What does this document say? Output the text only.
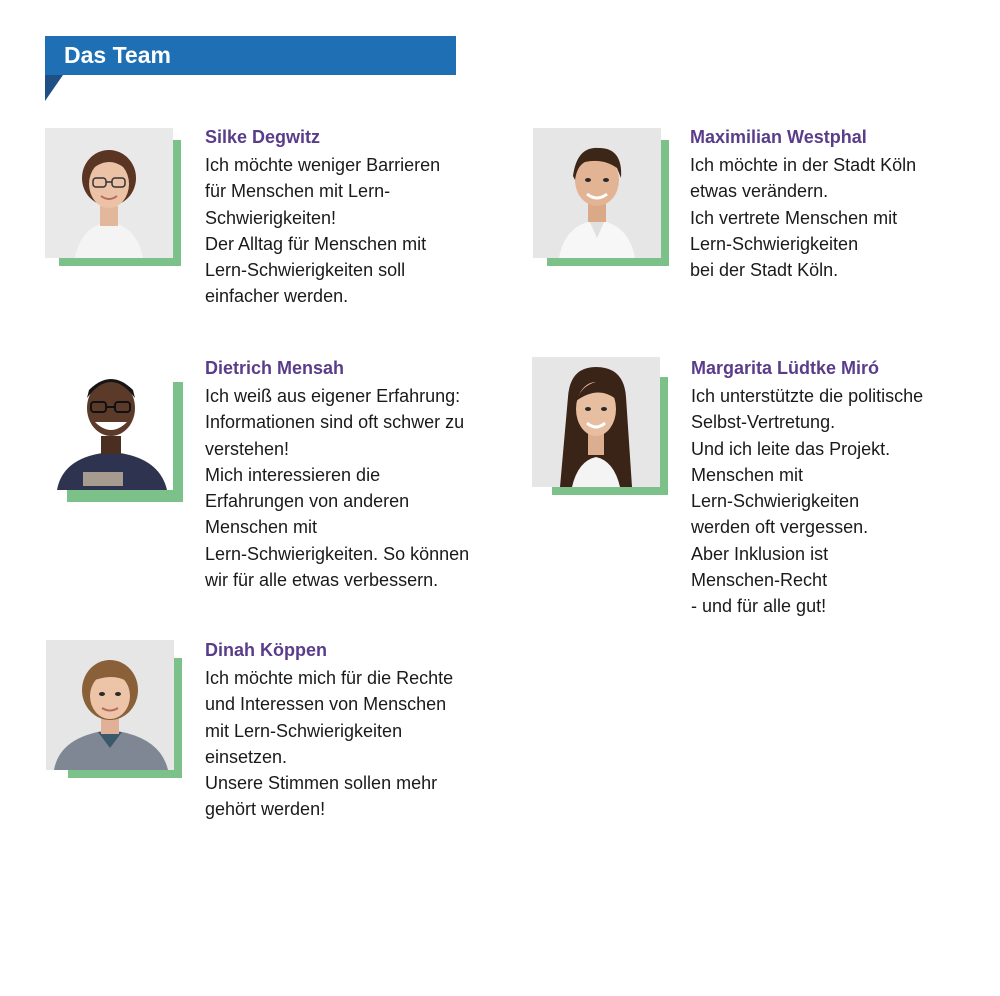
Das Team
Silke Degwitz
Ich möchte weniger Barrieren
für Menschen mit Lern-
Schwierigkeiten!
Der Alltag für Menschen mit
Lern-Schwierigkeiten soll
einfacher werden.
Maximilian Westphal
Ich möchte in der Stadt Köln
etwas verändern.
Ich vertrete Menschen mit
Lern-Schwierigkeiten
bei der Stadt Köln.
Dietrich Mensah
Ich weiß aus eigener Erfahrung:
Informationen sind oft schwer zu
verstehen!
Mich interessieren die
Erfahrungen von anderen
Menschen mit
Lern-Schwierigkeiten. So können
wir für alle etwas verbessern.
Margarita Lüdtke Miró
Ich unterstützte die politische
Selbst-Vertretung.
Und ich leite das Projekt.
Menschen mit
Lern-Schwierigkeiten
werden oft vergessen.
Aber Inklusion ist
Menschen-Recht
- und für alle gut!
Dinah Köppen
Ich möchte mich für die Rechte
und Interessen von Menschen
mit Lern-Schwierigkeiten
einsetzen.
Unsere Stimmen sollen mehr
gehört werden!
